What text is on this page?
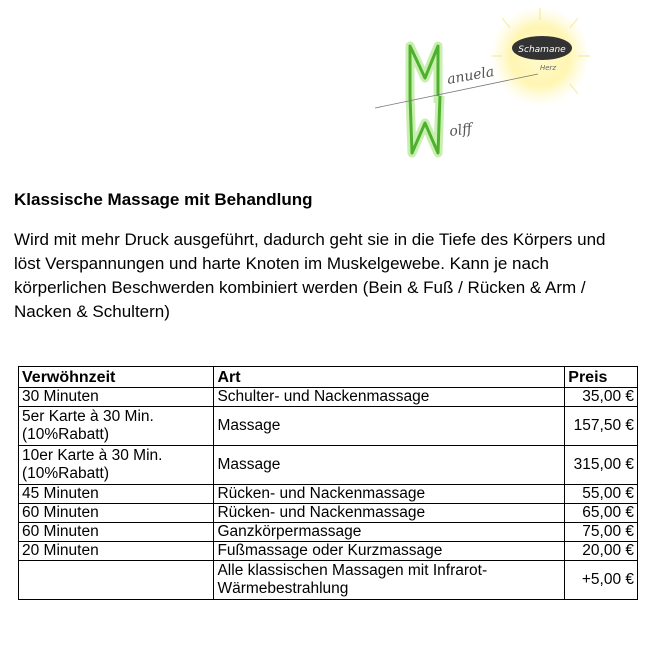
Schamane
Herz
anuela
olff
Klassische Massage mit Behandlung
Wird mit mehr Druck ausgeführt, dadurch geht sie in die Tiefe des Körpers und löst Verspannungen und harte Knoten im Muskelgewebe. Kann je nach körperlichen Beschwerden kombiniert werden (Bein & Fuß / Rücken & Arm / Nacken & Schultern)
Verwöhnzeit	Art	Preis
30 Minuten	Schulter- und Nackenmassage	35,00 €
5er Karte à 30 Min. (10%Rabatt)	Massage	157,50 €
10er Karte à 30 Min. (10%Rabatt)	Massage	315,00 €
45 Minuten	Rücken- und Nackenmassage	55,00 €
60 Minuten	Rücken- und Nackenmassage	65,00 €
60 Minuten	Ganzkörpermassage	75,00 €
20 Minuten	Fußmassage oder Kurzmassage	20,00 €
	Alle klassischen Massagen mit Infrarot-Wärmebestrahlung	+5,00 €
